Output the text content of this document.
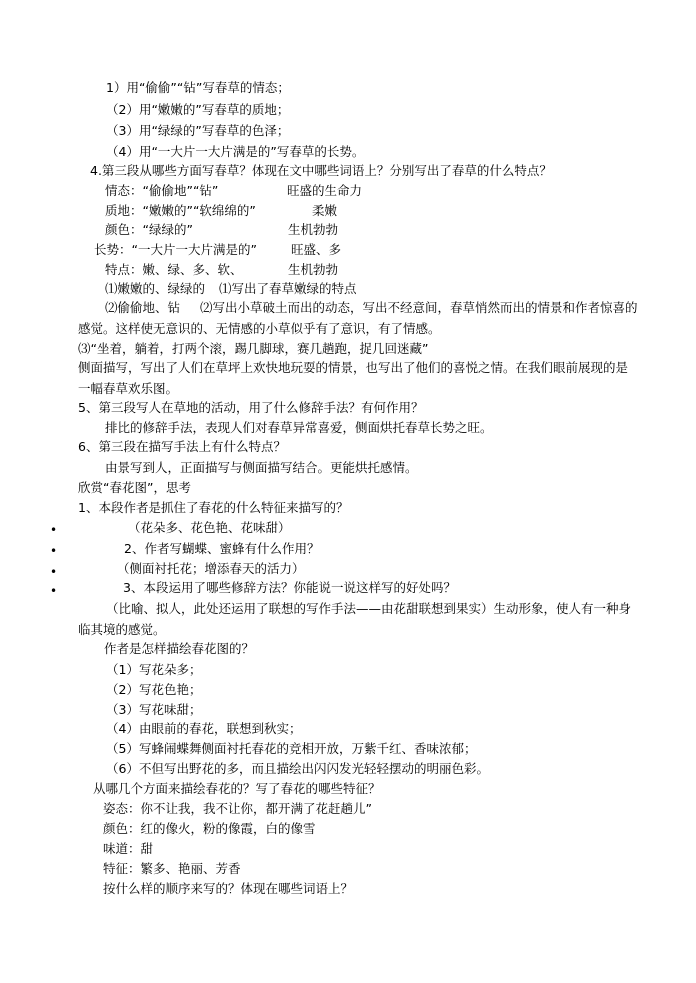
1）用“偷偷”“钻”写春草的情态；
（2）用“嫩嫩的”写春草的质地；
（3）用“绿绿的”写春草的色泽；
（4）用“一大片一大片满是的”写春草的长势。
4.第三段从哪些方面写春草？体现在文中哪些词语上？分别写出了春草的什么特点？
情态：“偷偷地”“钻”	旺盛的生命力
质地：“嫩嫩的”“软绵绵的”	柔嫩
颜色：“绿绿的”	生机勃勃
长势：“一大片一大片满是的”	旺盛、多
特点：嫩、绿、多、软、	生机勃勃
⑴嫩嫩的、绿绿的 ⑴写出了春草嫩绿的特点
⑵偷偷地、钻	⑵写出小草破土而出的动态，写出不经意间，春草悄然而出的情景和作者惊喜的感觉。这样使无意识的、无情感的小草似乎有了意识，有了情感。
⑶“坐着，躺着，打两个滚，踢几脚球，赛几趟跑，捉几回迷藏”
侧面描写，写出了人们在草坪上欢快地玩耍的情景，也写出了他们的喜悦之情。在我们眼前展现的是一幅春草欢乐图。
5、第三段写人在草地的活动，用了什么修辞手法？有何作用？
排比的修辞手法，表现人们对春草异常喜爱，侧面烘托春草长势之旺。
6、第三段在描写手法上有什么特点？
由景写到人，正面描写与侧面描写结合。更能烘托感情。
欣赏“春花图”，思考
1、本段作者是抓住了春花的什么特征来描写的？
•	（花朵多、花色艳、花味甜）
•	2、作者写蝴蝶、蜜蜂有什么作用？
•	（侧面衬托花；增添春天的活力）
•	3、本段运用了哪些修辞方法？你能说一说这样写的好处吗？
（比喻、拟人，此处还运用了联想的写作手法——由花甜联想到果实）生动形象，使人有一种身临其境的感觉。
作者是怎样描绘春花图的？
（1）写花朵多；
（2）写花色艳；
（3）写花味甜；
（4）由眼前的春花，联想到秋实；
（5）写蜂闹蝶舞侧面衬托春花的竞相开放，万紫千红、香味浓郁；
（6）不但写出野花的多，而且描绘出闪闪发光轻轻摆动的明丽色彩。
从哪几个方面来描绘春花的？写了春花的哪些特征？
姿态：你不让我，我不让你，都开满了花赶趟儿”
颜色：红的像火，粉的像霞，白的像雪
味道：甜
特征：繁多、艳丽、芳香
按什么样的顺序来写的？体现在哪些词语上？
